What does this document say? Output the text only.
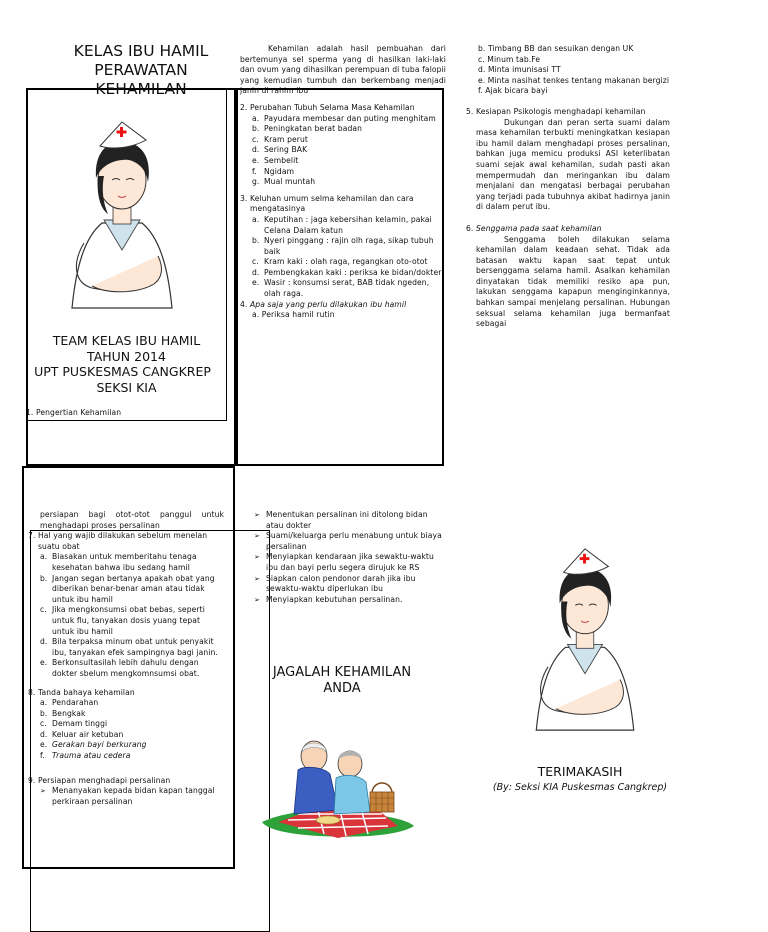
KELAS IBU HAMIL
PERAWATAN
KEHAMILAN
TEAM KELAS IBU HAMIL
TAHUN 2014
UPT PUSKESMAS CANGKREP
SEKSI KIA
1. Pengertian Kehamilan
Kehamilan adalah hasil pembuahan dari bertemunya sel sperma yang di hasilkan laki-laki dan ovum yang dihasilkan perempuan di tuba falopii yang kemudian tumbuh dan berkembang menjadi janin di rahim ibu
2. Perubahan Tubuh Selama Masa Kehamilan
a. Payudara membesar dan puting menghitam
b. Peningkatan berat badan
c. Kram perut
d. Sering BAK
e. Sembelit
f. Ngidam
g. Mual muntah
3. Keluhan umum selma kehamilan dan cara mengatasinya
a. Keputihan : jaga kebersihan kelamin, pakai Celana Dalam katun
b. Nyeri pinggang : rajin olh raga, sikap tubuh baik
c. Kram kaki : olah raga, regangkan oto-otot
d. Pembengkakan kaki : periksa ke bidan/dokter
e. Wasir : konsumsi serat, BAB tidak ngeden, olah raga.
4. Apa saja yang perlu dilakukan ibu hamil
a. Periksa hamil rutin
b. Timbang BB dan sesuikan dengan UK
c. Minum tab.Fe
d. Minta imunisasi TT
e. Minta nasihat tenkes tentang makanan bergizi
f. Ajak bicara bayi
5. Kesiapan Psikologis menghadapi kehamilan
Dukungan dan peran serta suami dalam masa kehamilan terbukti meningkatkan kesiapan ibu hamil dalam menghadapi proses persalinan, bahkan juga memicu produksi ASI keterlibatan suami sejak awal kehamilan, sudah pasti akan mempermudah dan meringankan ibu dalam menjalani dan mengatasi berbagai perubahan yang terjadi pada tubuhnya akibat hadirnya janin di dalam perut ibu.
6. Senggama pada saat kehamilan
Senggama boleh dilakukan selama kehamilan dalam keadaan sehat. Tidak ada batasan waktu kapan saat tepat untuk bersenggama selama hamil. Asalkan kehamilan dinyatakan tidak memiliki resiko apa pun, lakukan senggama kapapun menginginkannya, bahkan sampai menjelang persalinan. Hubungan seksual selama kehamilan juga bermanfaat sebagai
persiapan bagi otot-otot panggul untuk menghadapi proses persalinan
7. Hal yang wajib dilakukan sebelum menelan suatu obat
a. Biasakan untuk memberitahu tenaga kesehatan bahwa ibu sedang hamil
b. Jangan segan bertanya apakah obat yang diberikan benar-benar aman atau tidak untuk ibu hamil
c. Jika mengkonsumsi obat bebas, seperti untuk flu, tanyakan dosis yuang tepat untuk ibu hamil
d. Bila terpaksa minum obat untuk penyakit ibu, tanyakan efek sampingnya bagi janin.
e. Berkonsultasilah lebih dahulu dengan dokter sbelum mengkomnsumsi obat.
8. Tanda bahaya kehamilan
a. Pendarahan
b. Bengkak
c. Demam tinggi
d. Keluar air ketuban
e. Gerakan bayi berkurang
f. Trauma atau cedera
9. Persiapan menghadapi persalinan
➢ Menanyakan kepada bidan kapan tanggal perkiraan persalinan
➢ Menentukan persalinan ini ditolong bidan atau dokter
➢ Suami/keluarga perlu menabung untuk biaya persalinan
➢ Menyiapkan kendaraan jika sewaktu-waktu ibu dan bayi perlu segera dirujuk ke RS
➢ Siapkan calon pendonor darah jika ibu sewaktu-waktu diperlukan ibu
➢ Menyiapkan kebutuhan persalinan.
JAGALAH KEHAMILAN
ANDA
TERIMAKASIH
(By: Seksi KIA Puskesmas Cangkrep)
